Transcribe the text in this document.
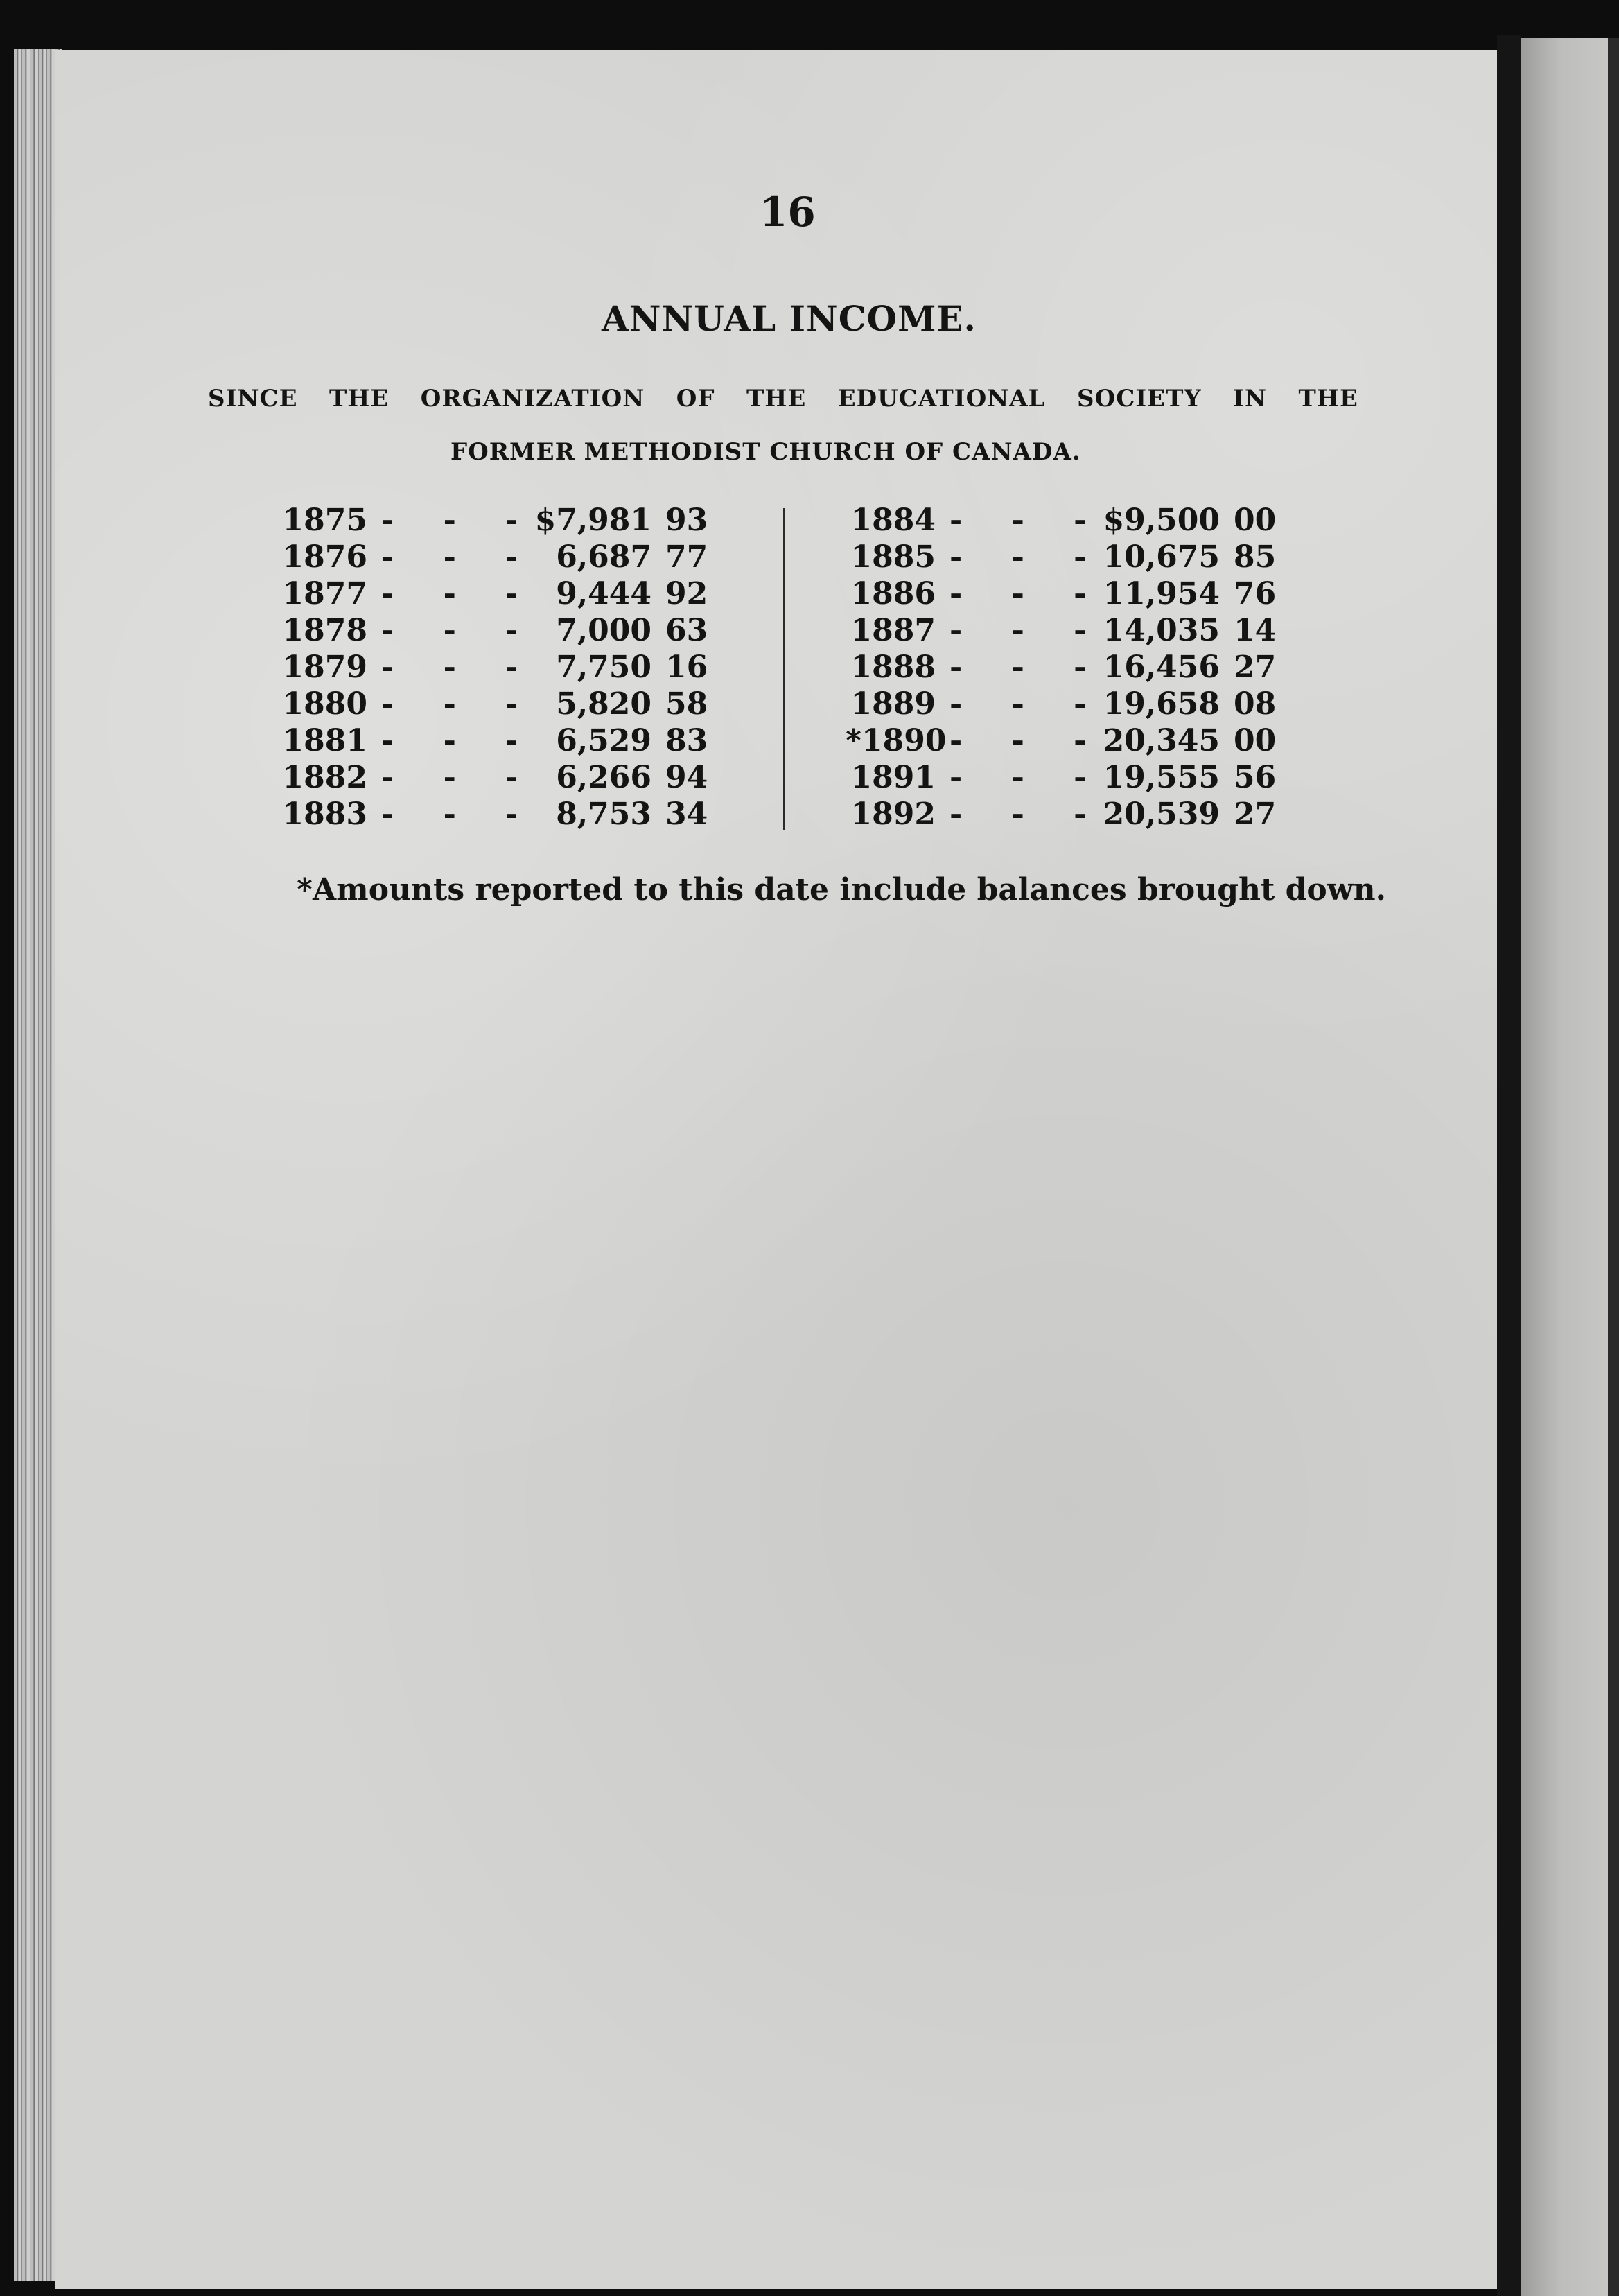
16
ANNUAL INCOME.
SINCE THE ORGANIZATION OF THE EDUCATIONAL SOCIETY IN THE
FORMER METHODIST CHURCH OF CANADA.
1875 - - -
$7,981 93
1876 - - - 6,687 77
1877 - - - 9,444 92
1878 - - - 7,000 63
1879 - - - 7,750 16
1880 - - - 5,820 58
1881 - - - 6,529 83
1882 - - - 6,266 94
1883 - - - 8,753 34
1884 - - -
$9,500 00
1885 - - -
10,675 85
1886 - - -
11,954 76
1887 - - -
14,035 14
1888 - - -
16,456 27
1889 - - -
19,658 08
*1890 - - -
20,345 00
1891 - - -
19,555 56
1892 - - -
20,539 27
*Amounts reported to this date include balances brought down.
